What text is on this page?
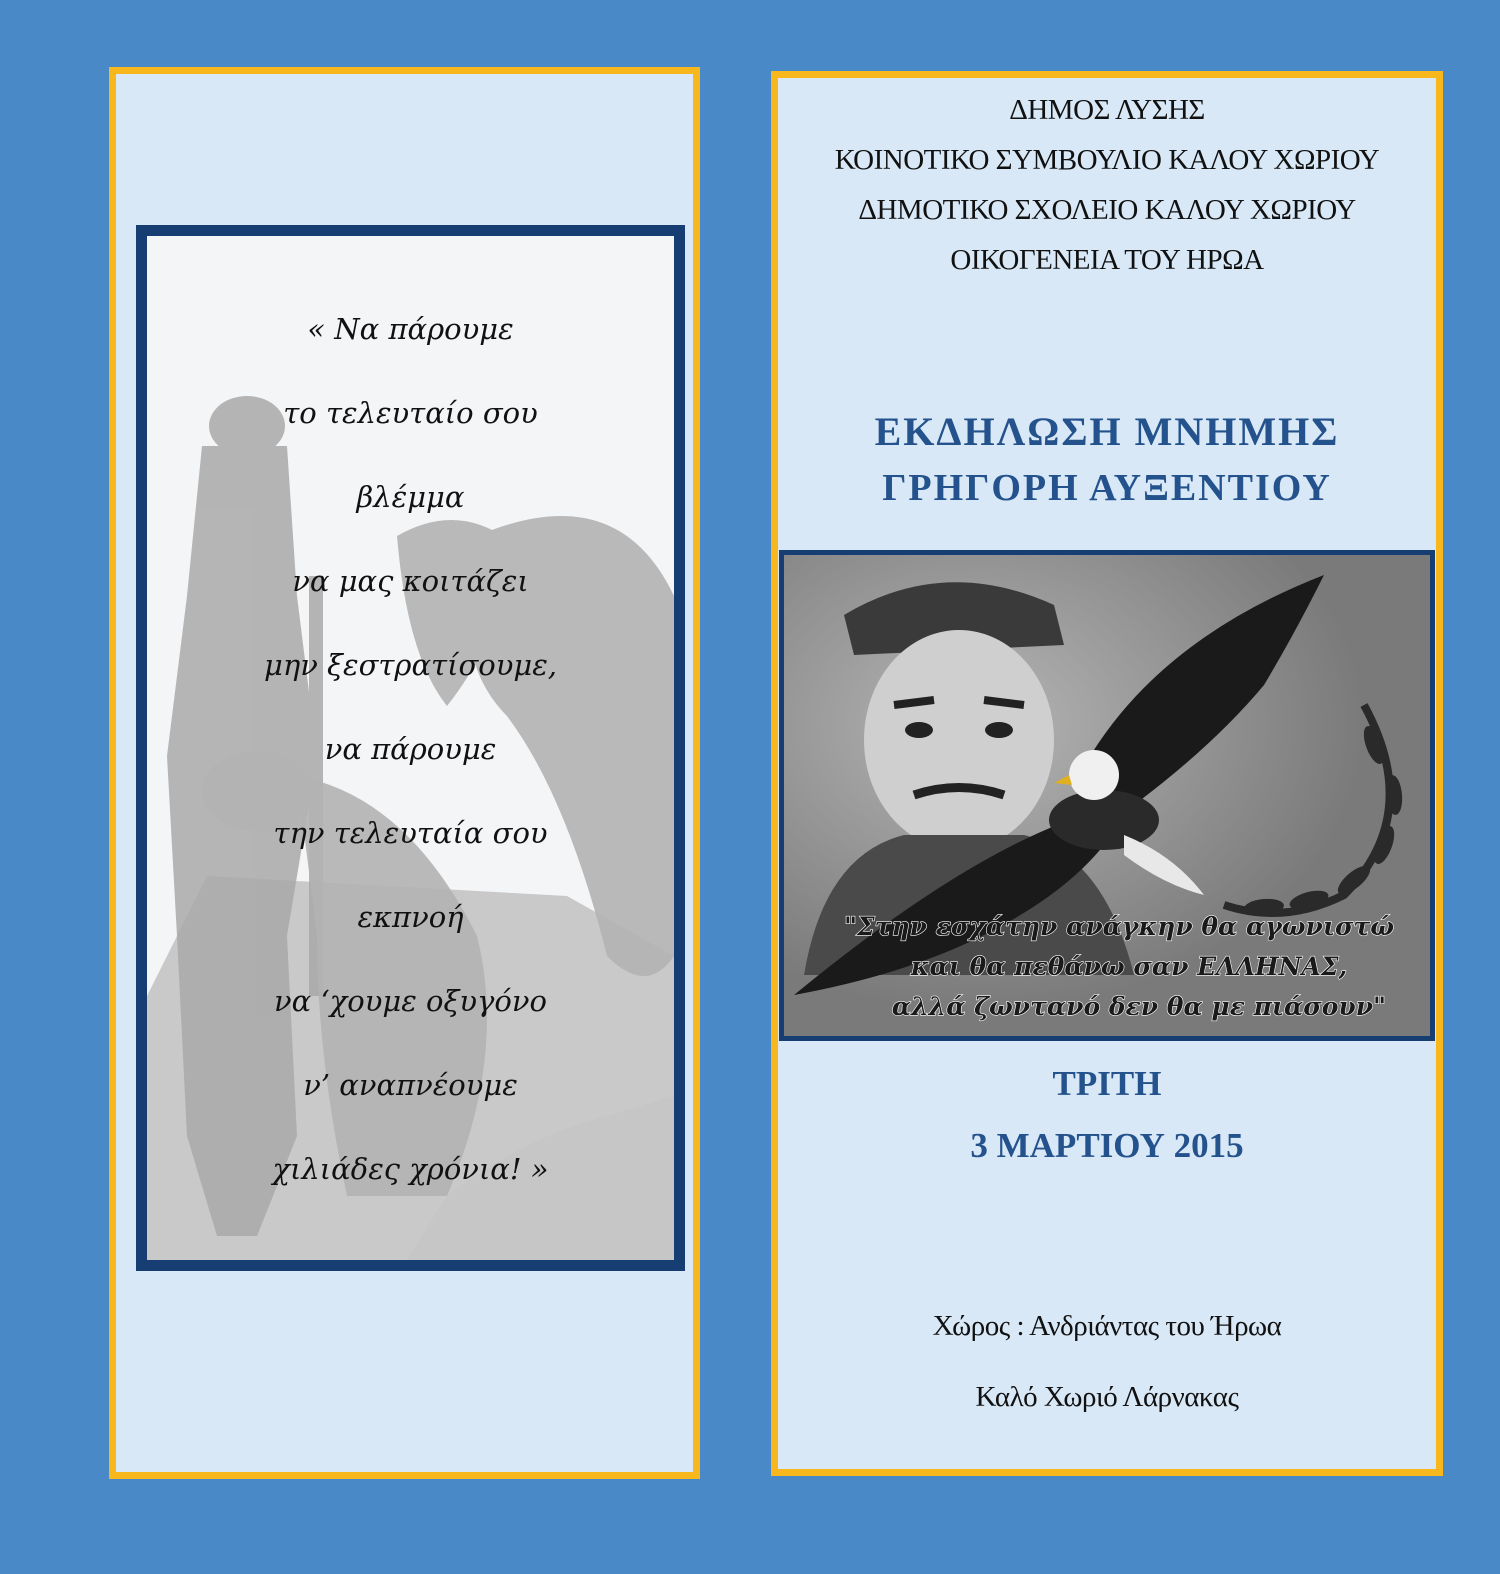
« Να πάρουμε
το τελευταίο σου
βλέμμα
να μας κοιτάζει
μην ξεστρατίσουμε,
να πάρουμε
την τελευταία σου
εκπνοή
να ‘χουμε οξυγόνο
ν’ αναπνέουμε
χιλιάδες χρόνια! »
ΔΗΜΟΣ ΛΥΣΗΣ
ΚΟΙΝΟΤΙΚΟ ΣΥΜΒΟΥΛΙΟ ΚΑΛΟΥ ΧΩΡΙΟΥ
ΔΗΜΟΤΙΚΟ ΣΧΟΛΕΙΟ ΚΑΛΟΥ ΧΩΡΙΟΥ
ΟΙΚΟΓΕΝΕΙΑ ΤΟΥ ΗΡΩΑ
ΕΚΔΗΛΩΣΗ ΜΝΗΜΗΣ
ΓΡΗΓΟΡΗ ΑΥΞΕΝΤΙΟΥ
"Στην εσχάτην ανάγκην θα αγωνιστώ
και θα πεθάνω σαν ΕΛΛΗΝΑΣ,
αλλά ζωντανό δεν θα με πιάσουν"
ΤΡΙΤΗ
3 ΜΑΡΤΙΟΥ 2015
Χώρος : Ανδριάντας του Ήρωα
Καλό Χωριό Λάρνακας
